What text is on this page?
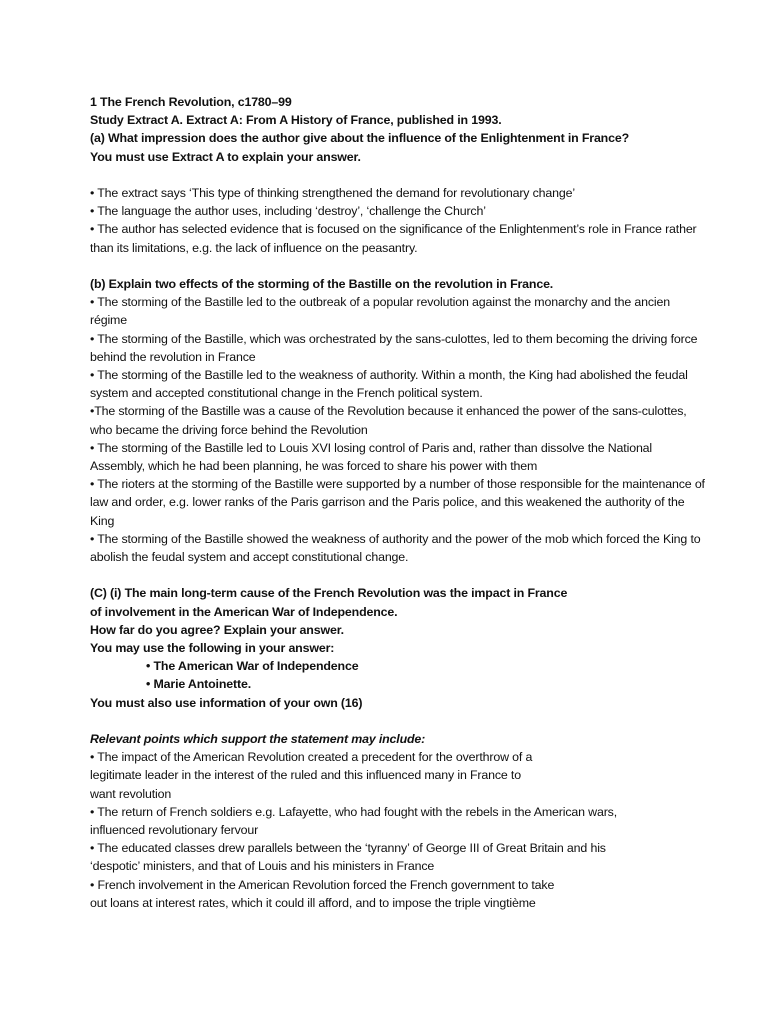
1 The French Revolution, c1780–99

Study Extract A. Extract A: From A History of France, published in 1993.

(a) What impression does the author give about the influence of the Enlightenment in France?

You must use Extract A to explain your answer.

• The extract says ‘This type of thinking strengthened the demand for revolutionary change’

• The language the author uses, including ‘destroy’, ‘challenge the Church’

• The author has selected evidence that is focused on the significance of the Enlightenment’s role in France rather than its limitations, e.g. the lack of influence on the peasantry.

(b) Explain two effects of the storming of the Bastille on the revolution in France.

• The storming of the Bastille led to the outbreak of a popular revolution against the monarchy and the ancien régime

• The storming of the Bastille, which was orchestrated by the sans-culottes, led to them becoming the driving force behind the revolution in France

• The storming of the Bastille led to the weakness of authority. Within a month, the King had abolished the feudal system and accepted constitutional change in the French political system.

•The storming of the Bastille was a cause of the Revolution because it enhanced the power of the sans-culottes, who became the driving force behind the Revolution

• The storming of the Bastille led to Louis XVI losing control of Paris and, rather than dissolve the National Assembly, which he had been planning, he was forced to share his power with them

• The rioters at the storming of the Bastille were supported by a number of those responsible for the maintenance of law and order, e.g. lower ranks of the Paris garrison and the Paris police, and this weakened the authority of the King

• The storming of the Bastille showed the weakness of authority and the power of the mob which forced the King to abolish the feudal system and accept constitutional change.

(C) (i) The main long-term cause of the French Revolution was the impact in France

of involvement in the American War of Independence.

How far do you agree? Explain your answer.

You may use the following in your answer:

• The American War of Independence

• Marie Antoinette.

You must also use information of your own (16)

Relevant points which support the statement may include:

• The impact of the American Revolution created a precedent for the overthrow of a

legitimate leader in the interest of the ruled and this influenced many in France to

want revolution

• The return of French soldiers e.g. Lafayette, who had fought with the rebels in the American wars,

influenced revolutionary fervour

• The educated classes drew parallels between the ‘tyranny’ of George III of Great Britain and his

‘despotic’ ministers, and that of Louis and his ministers in France

• French involvement in the American Revolution forced the French government to take

out loans at interest rates, which it could ill afford, and to impose the triple vingtième
